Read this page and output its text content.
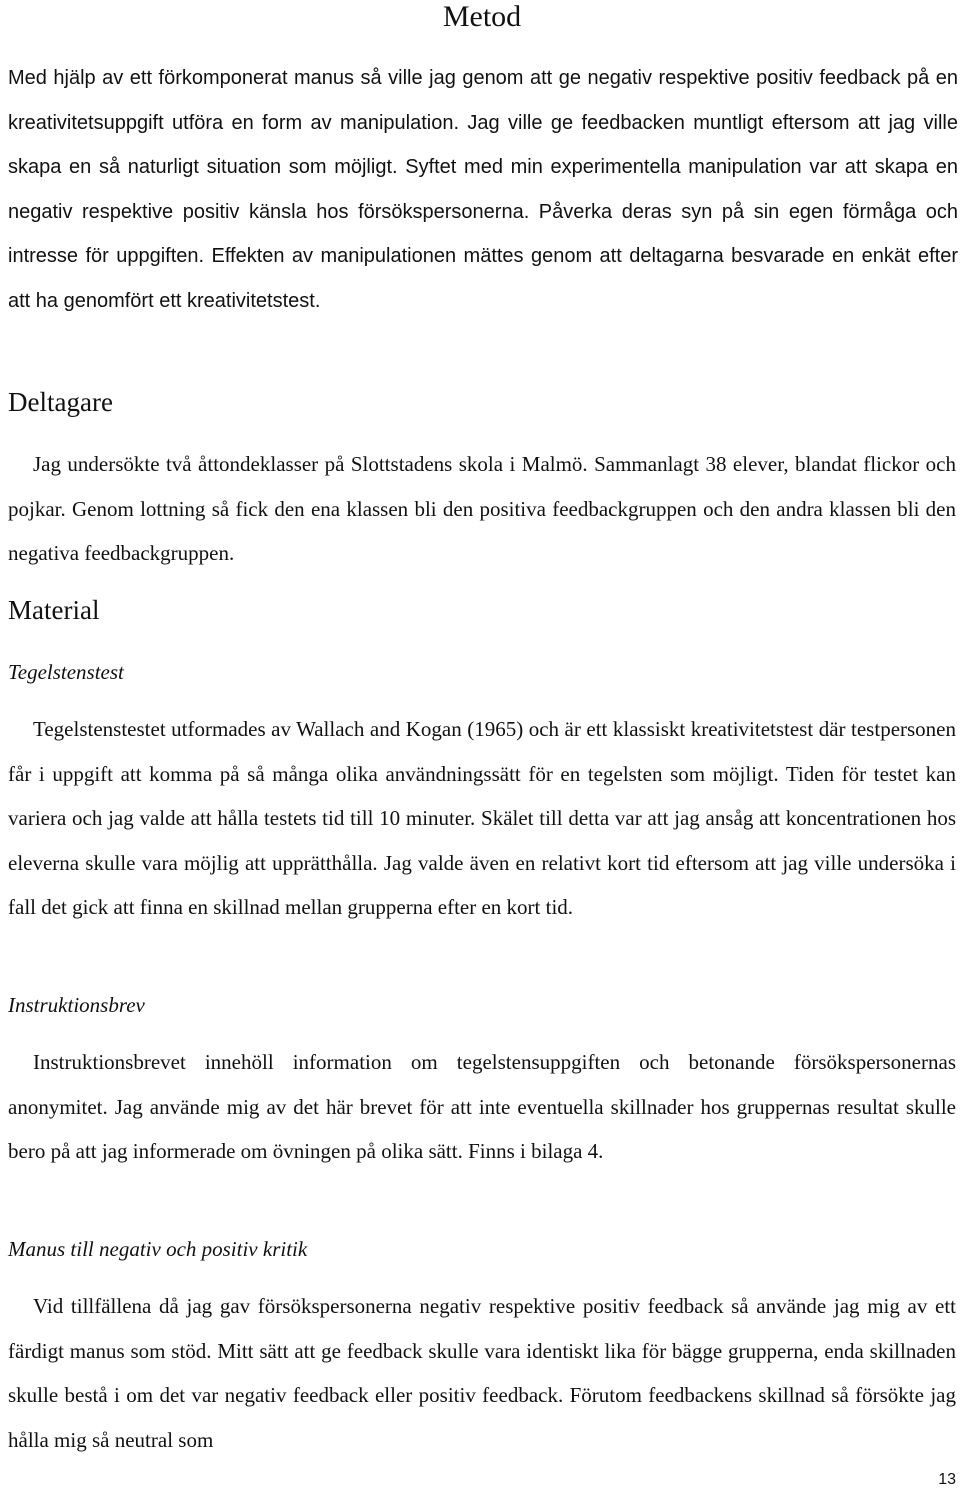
Metod

Med hjälp av ett förkomponerat manus så ville jag genom att ge negativ respektive positiv feedback på en kreativitetsuppgift utföra en form av manipulation. Jag ville ge feedbacken muntligt eftersom att jag ville skapa en så naturligt situation som möjligt. Syftet med min experimentella manipulation var att skapa en negativ respektive positiv känsla hos försökspersonerna. Påverka deras syn på sin egen förmåga och intresse för uppgiften. Effekten av manipulationen mättes genom att deltagarna besvarade en enkät efter att ha genomfört ett kreativitetstest.

Deltagare

Jag undersökte två åttondeklasser på Slottstadens skola i Malmö. Sammanlagt 38 elever, blandat flickor och pojkar. Genom lottning så fick den ena klassen bli den positiva feedbackgruppen och den andra klassen bli den negativa feedbackgruppen.

Material
Tegelstenstest

Tegelstenstestet utformades av Wallach and Kogan (1965) och är ett klassiskt kreativitetstest där testpersonen får i uppgift att komma på så många olika användningssätt för en tegelsten som möjligt. Tiden för testet kan variera och jag valde att hålla testets tid till 10 minuter. Skälet till detta var att jag ansåg att koncentrationen hos eleverna skulle vara möjlig att upprätthålla. Jag valde även en relativt kort tid eftersom att jag ville undersöka i fall det gick att finna en skillnad mellan grupperna efter en kort tid.

Instruktionsbrev

Instruktionsbrevet innehöll information om tegelstensuppgiften och betonande försökspersonernas anonymitet. Jag använde mig av det här brevet för att inte eventuella skillnader hos gruppernas resultat skulle bero på att jag informerade om övningen på olika sätt. Finns i bilaga 4.

Manus till negativ och positiv kritik

Vid tillfällena då jag gav försökspersonerna negativ respektive positiv feedback så använde jag mig av ett färdigt manus som stöd. Mitt sätt att ge feedback skulle vara identiskt lika för bägge grupperna, enda skillnaden skulle bestå i om det var negativ feedback eller positiv feedback. Förutom feedbackens skillnad så försökte jag hålla mig så neutral som

13
